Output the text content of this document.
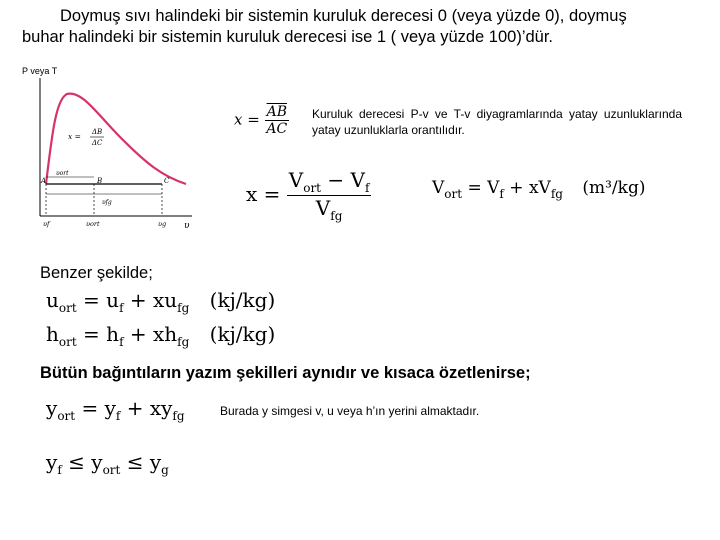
Doymuş sıvı halindeki bir sistemin kuruluk derecesi 0 (veya yüzde 0), doymuş
buhar halindeki bir sistemin kuruluk derecesi ise 1 ( veya yüzde 100)’dür.
P veya T
υ
x = ΔB
ΔC
A	B	C
υort
υfg
υf	υort	υg
$x = \frac{\overline{AB}}{AC}$ Kuruluk derecesi P-v ve T-v diyagramlarında yatay uzunluklarında yatay uzunluklarla orantılıdır.
$x = \frac{V_{ort} - V_f}{V_{fg}}$	$V_{ort} = V_f + xV_{fg}$ (m³/kg)
Benzer şekilde;
$u_{ort} = u_f + xu_{fg}$ (kj/kg)
$h_{ort} = h_f + xh_{fg}$ (kj/kg)
Bütün bağıntıların yazım şekilleri aynıdır ve kısaca özetlenirse;
$y_{ort} = y_f + xy_{fg}$	Burada y simgesi v, u veya h’ın yerini almaktadır.
$y_f \le y_{ort} \le y_g$
